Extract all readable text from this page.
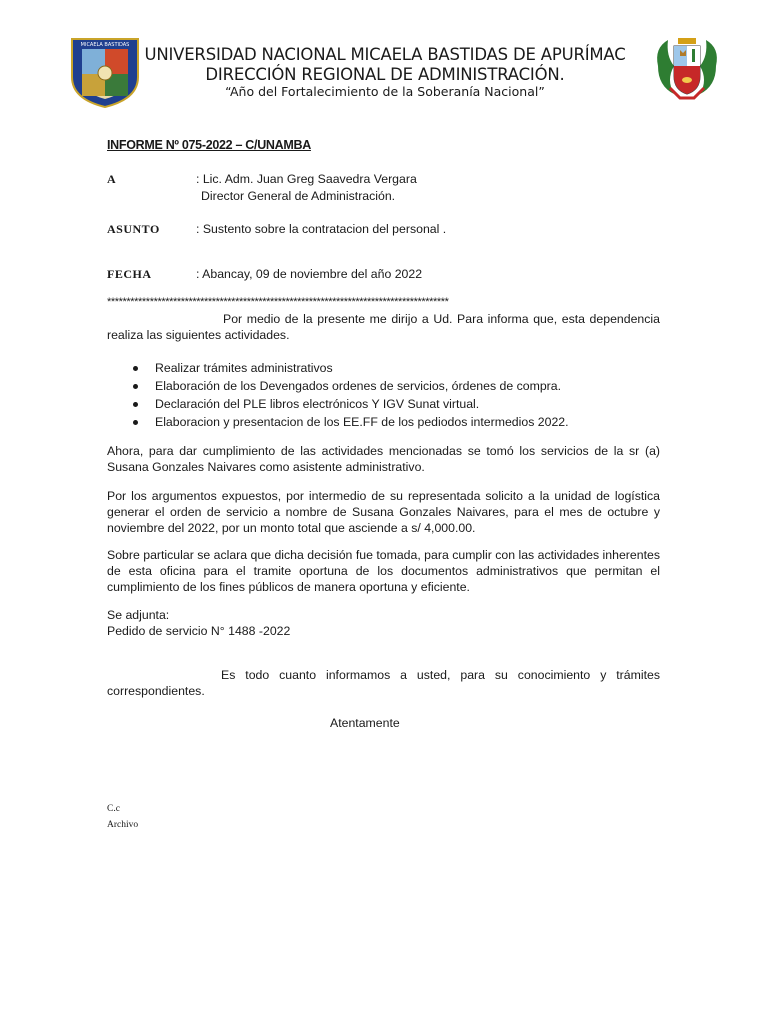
MICAELA BASTIDAS UNIVERSIDAD NACIONAL MICAELA BASTIDAS DE APURÍMAC
DIRECCIÓN REGIONAL DE ADMINISTRACIÓN.
“Año del Fortalecimiento de la Soberanía Nacional”
INFORME Nº 075-2022 – C/UNAMBA
A	: Lic. Adm. Juan Greg Saavedra Vergara
Director General de Administración.
ASUNTO	: Sustento sobre la contratacion del personal .
FECHA	: Abancay, 09 de noviembre del año 2022
****************************************************************************************
Por medio de la presente me dirijo a Ud. Para informa que, esta dependencia realiza las siguientes actividades.
Realizar trámites administrativos
Elaboración de los Devengados ordenes de servicios, órdenes de compra.
Declaración del PLE libros electrónicos Y IGV Sunat virtual.
Elaboracion y presentacion de los EE.FF de los pediodos intermedios 2022.
Ahora, para dar cumplimiento de las actividades mencionadas se tomó los servicios de la sr (a) Susana Gonzales Naivares como asistente administrativo.
Por los argumentos expuestos, por intermedio de su representada solicito a la unidad de logística generar el orden de servicio a nombre de Susana Gonzales Naivares, para el mes de octubre y noviembre del 2022, por un monto total que asciende a s/ 4,000.00.
Sobre particular se aclara que dicha decisión fue tomada, para cumplir con las actividades inherentes de esta oficina para el tramite oportuna de los documentos administrativos que permitan el cumplimiento de los fines públicos de manera oportuna y eficiente.
Se adjunta:
Pedido de servicio N° 1488 -2022
Es todo cuanto informamos a usted, para su conocimiento y trámites correspondientes.
Atentamente
C.c
Archivo
